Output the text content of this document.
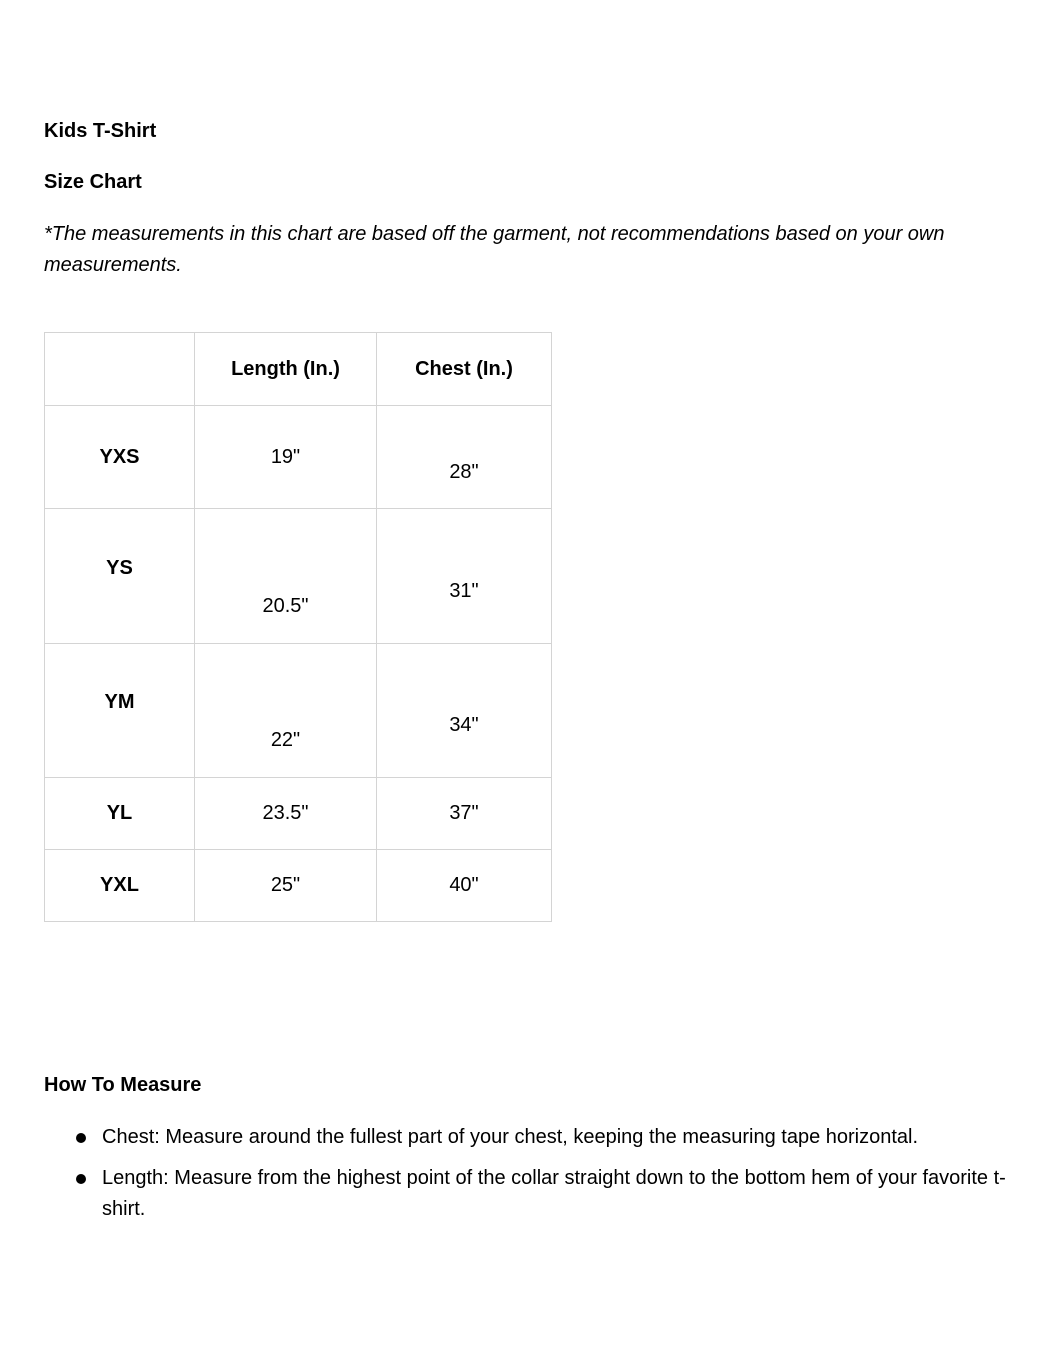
Kids T-Shirt
Size Chart
*The measurements in this chart are based off the garment, not recommendations based on your own measurements.
	Length (In.)	Chest (In.)
YXS	19"	28"
YS	20.5"	31"
YM	22"	34"
YL	23.5"	37"
YXL	25"	40"
How To Measure
Chest: Measure around the fullest part of your chest, keeping the measuring tape horizontal.
Length: Measure from the highest point of the collar straight down to the bottom hem of your favorite t-shirt.
